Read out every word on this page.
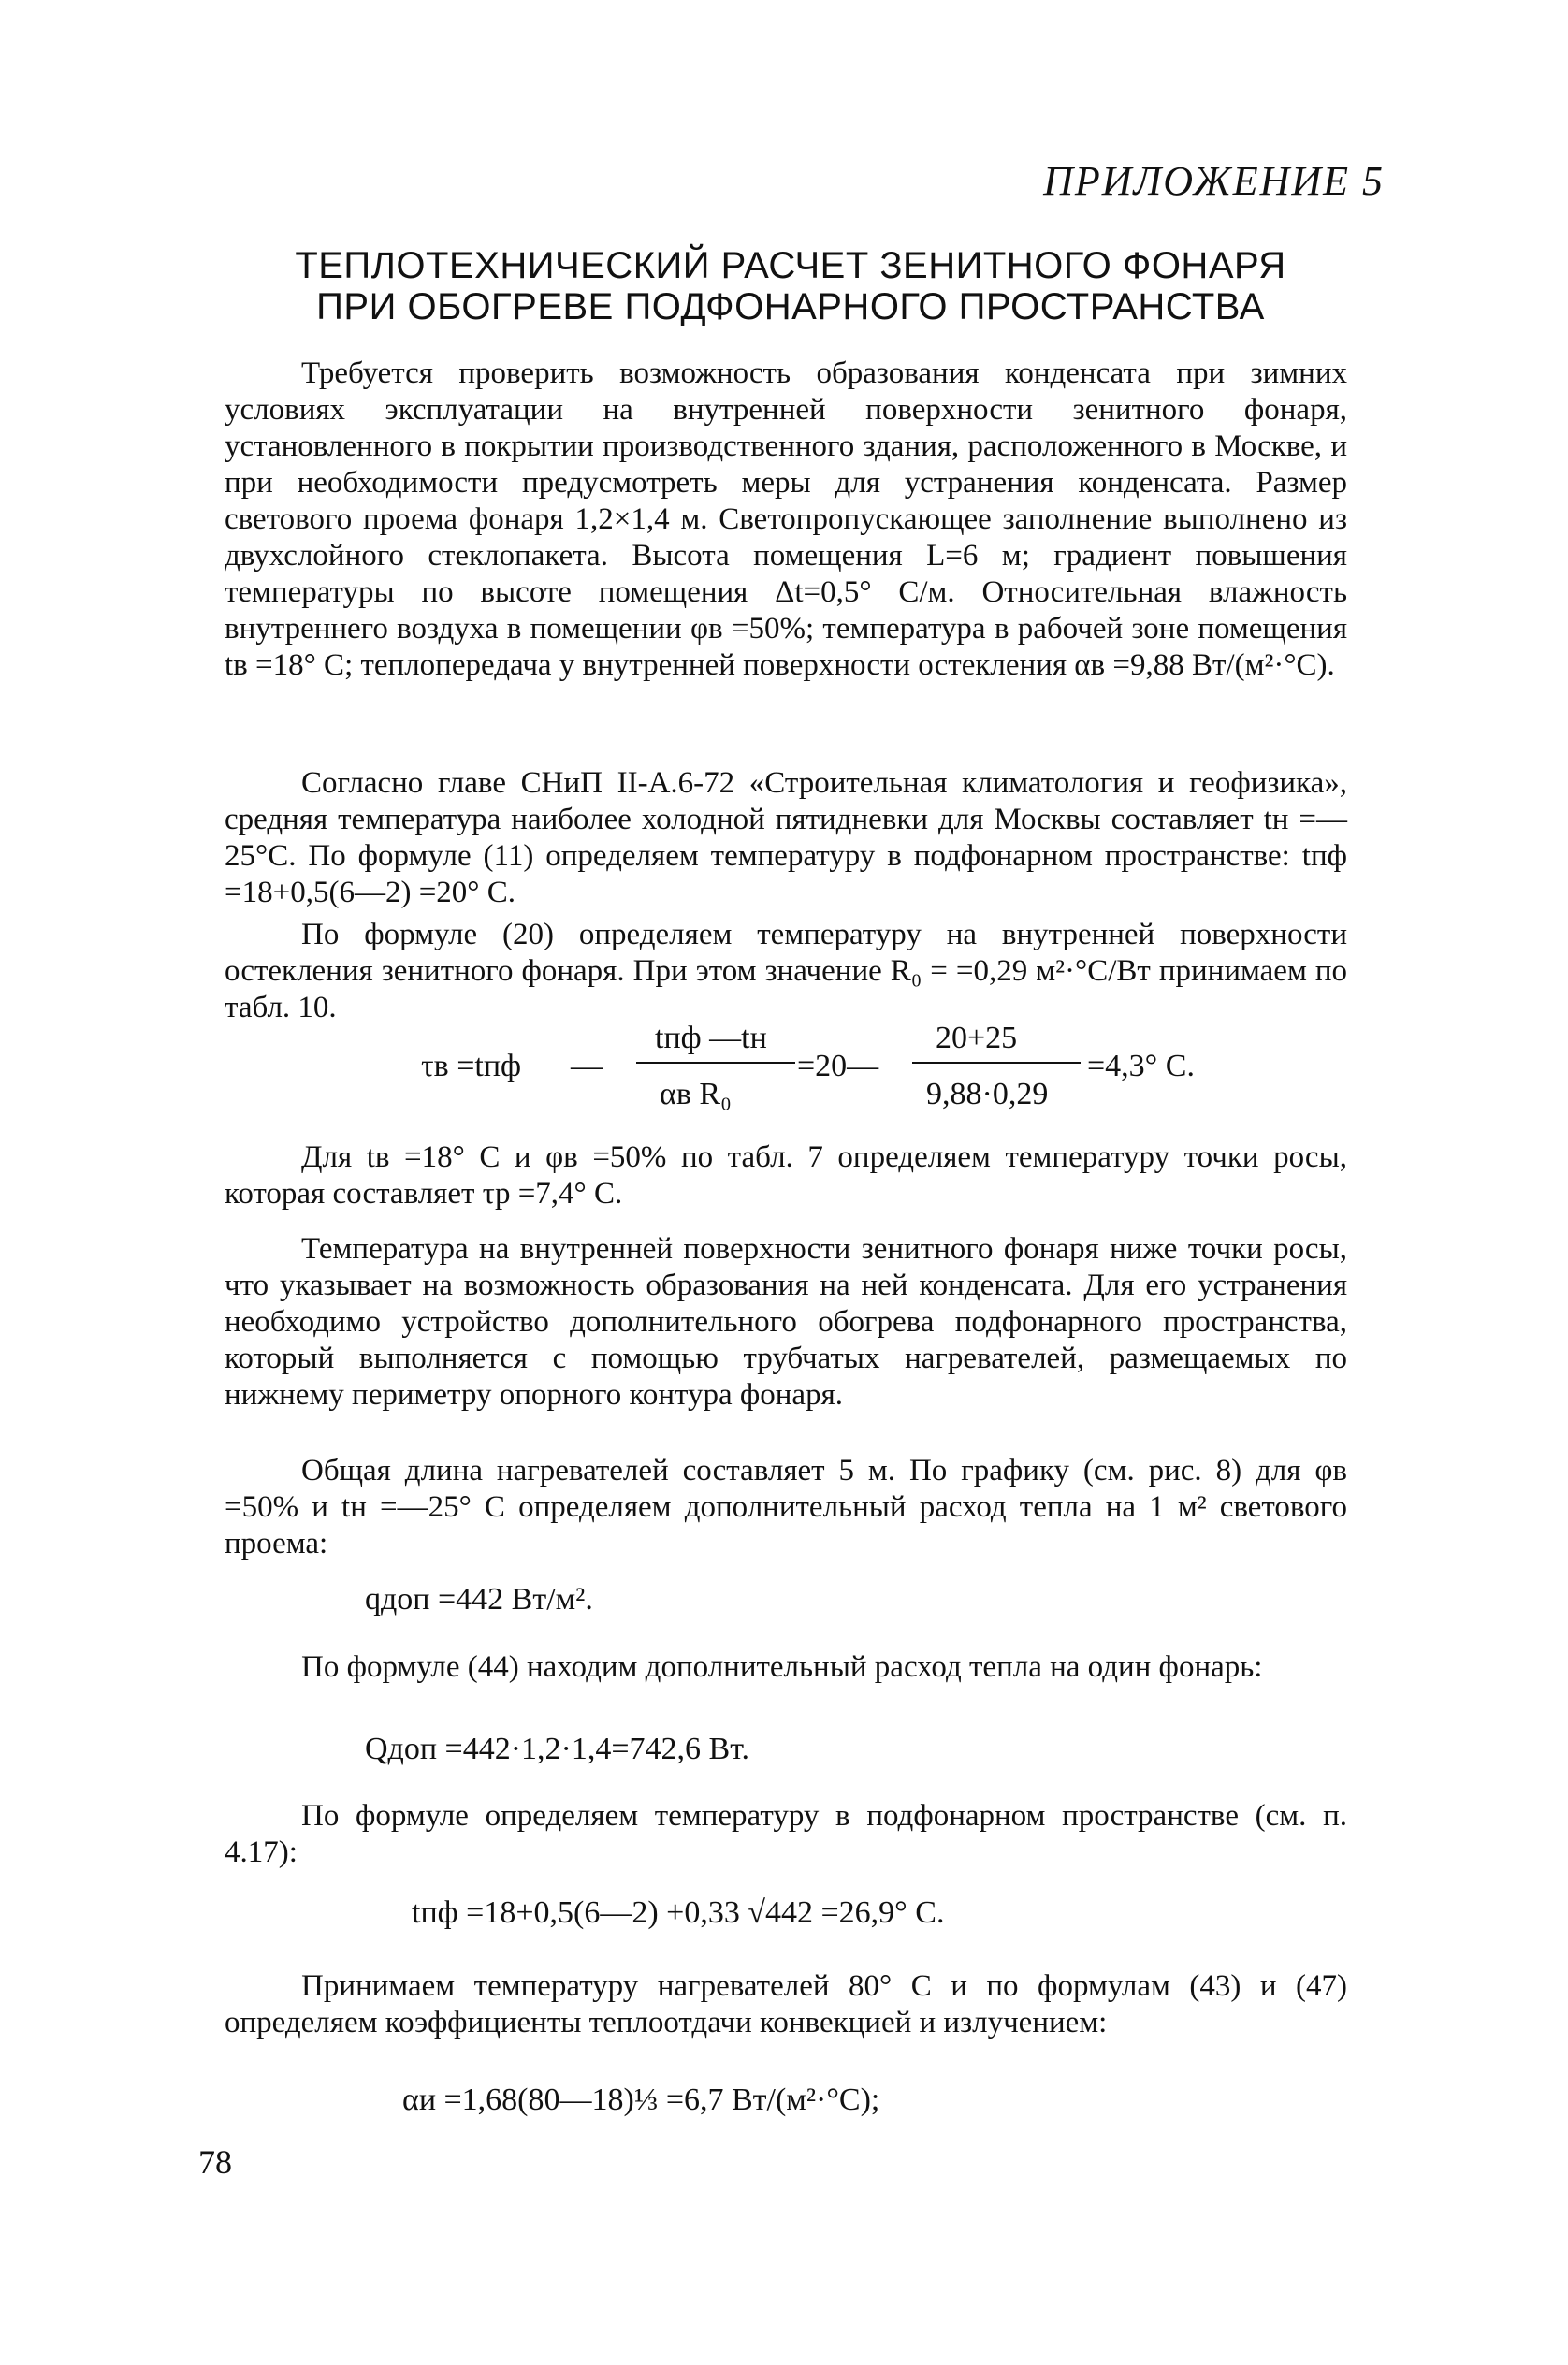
ПРИЛОЖЕНИЕ 5
ТЕПЛОТЕХНИЧЕСКИЙ РАСЧЕТ ЗЕНИТНОГО ФОНАРЯ
ПРИ ОБОГРЕВЕ ПОДФОНАРНОГО ПРОСТРАНСТВА
Требуется проверить возможность образования конденсата при зимних условиях эксплуатации на внутренней поверхности зенитного фонаря, установленного в покрытии производственного здания, расположенного в Москве, и при необходимости предусмотреть меры для устранения конденсата. Размер светового проема фонаря 1,2×1,4 м. Светопропускающее заполнение выполнено из двухслойного стеклопакета. Высота помещения L=6 м; градиент повышения температуры по высоте помещения Δt=0,5° C/м. Относительная влажность внутреннего воздуха в помещении φв =50%; температура в рабочей зоне помещения tв =18° С; теплопередача у внутренней поверхности остекления αв =9,88 Вт/(м²·°С).
Согласно главе СНиП II-A.6-72 «Строительная климатология и геофизика», средняя температура наиболее холодной пятидневки для Москвы составляет tн =—25°С. По формуле (11) определяем температуру в подфонарном пространстве: tпф =18+0,5(6—2) =20° С.
По формуле (20) определяем температуру на внутренней поверхности остекления зенитного фонаря. При этом значение R₀ = =0,29 м²·°С/Вт принимаем по табл. 10.
τв =tпф —
tпф —tн
αв R₀
=20—
20+25
9,88·0,29
=4,3° С.
Для tв =18° С и φв =50% по табл. 7 определяем температуру точки росы, которая составляет τр =7,4° С.
Температура на внутренней поверхности зенитного фонаря ниже точки росы, что указывает на возможность образования на ней конденсата. Для его устранения необходимо устройство дополнительного обогрева подфонарного пространства, который выполняется с помощью трубчатых нагревателей, размещаемых по нижнему периметру опорного контура фонаря.
Общая длина нагревателей составляет 5 м. По графику (см. рис. 8) для φв =50% и tн =—25° С определяем дополнительный расход тепла на 1 м² светового проема:
qдоп =442 Вт/м².
По формуле (44) находим дополнительный расход тепла на один фонарь:
Qдоп =442·1,2·1,4=742,6 Вт.
По формуле определяем температуру в подфонарном пространстве (см. п. 4.17):
tпф =18+0,5(6—2) +0,33 √442 =26,9° С.
Принимаем температуру нагревателей 80° С и по формулам (43) и (47) определяем коэффициенты теплоотдачи конвекцией и излучением:
αи =1,68(80—18)⅓ =6,7 Вт/(м²·°С);
78
